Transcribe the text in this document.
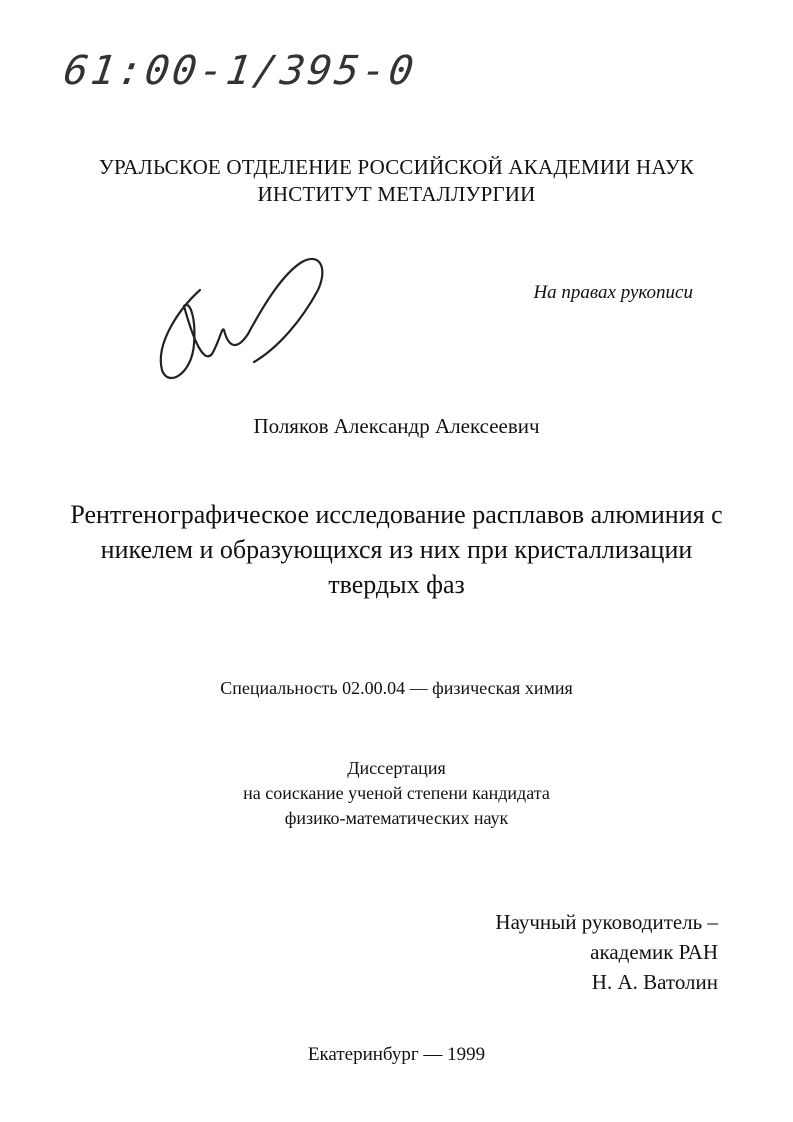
61:00-1/395-0
УРАЛЬСКОЕ ОТДЕЛЕНИЕ РОССИЙСКОЙ АКАДЕМИИ НАУК
ИНСТИТУТ МЕТАЛЛУРГИИ
На правах рукописи
Поляков Александр Алексеевич
Рентгенографическое исследование расплавов алюминия с
никелем и образующихся из них при кристаллизации
твердых фаз
Специальность 02.00.04 — физическая химия
Диссертация
на соискание ученой степени кандидата
физико-математических наук
Научный руководитель –
академик РАН
Н. А. Ватолин
Екатеринбург — 1999
